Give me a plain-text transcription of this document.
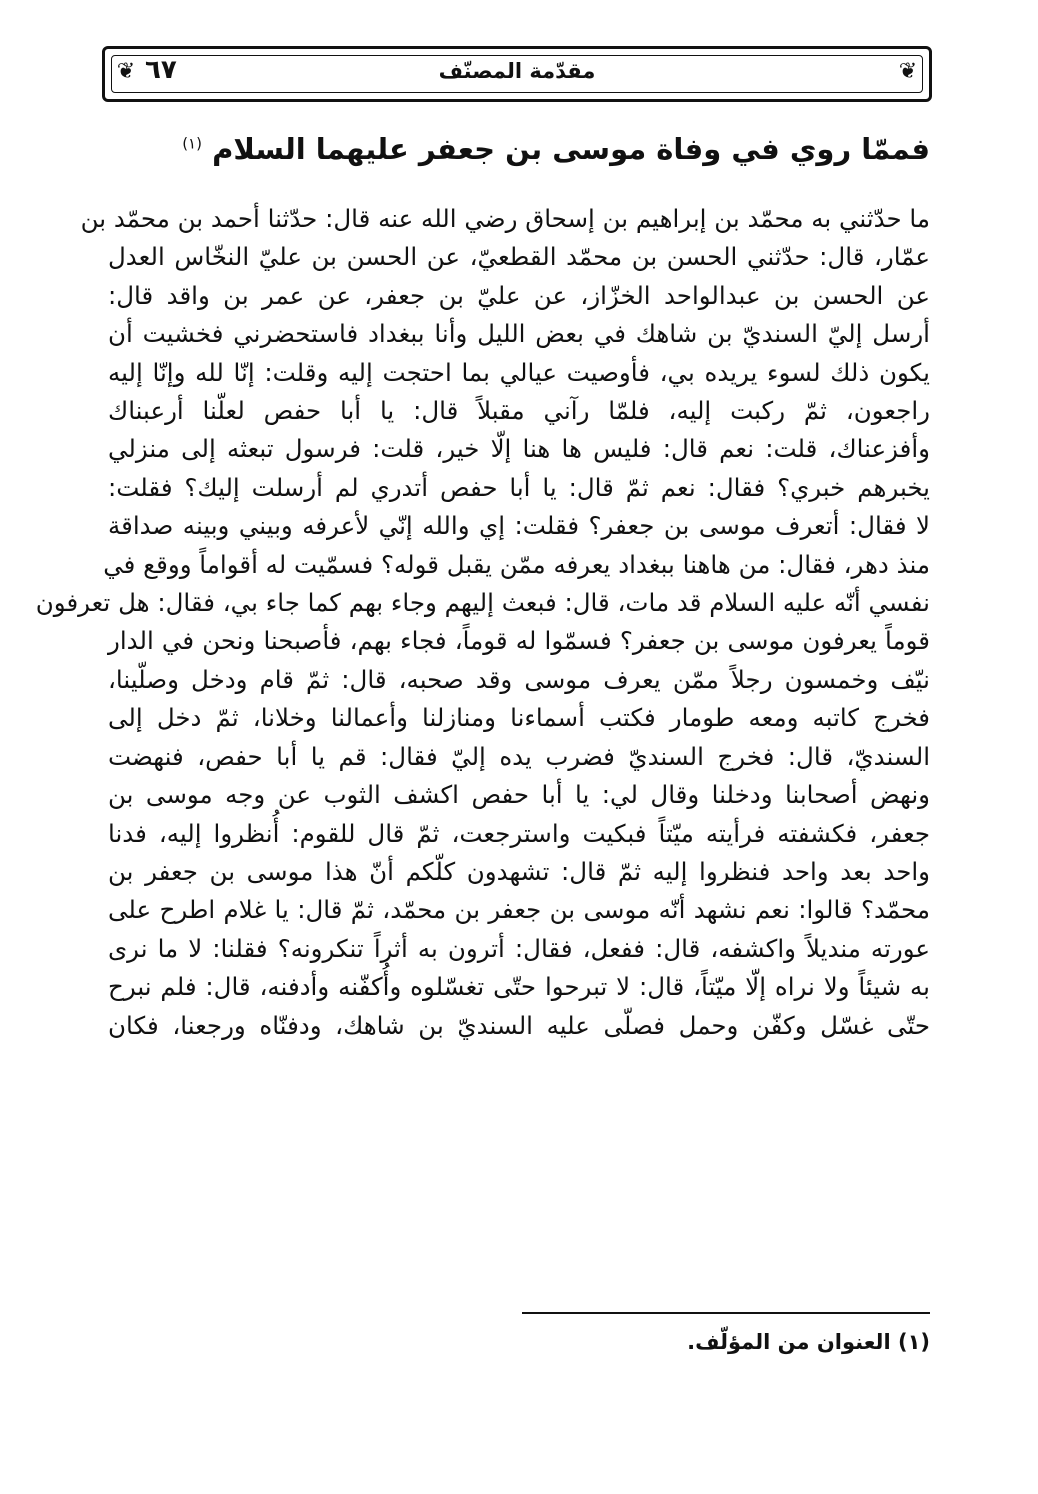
❦ ٦٧	مقدّمة المصنّف	❦
فممّا روي في وفاة موسى بن جعفر عليهما السلام $^{(١)}$
ما حدّثني به محمّد بن إبراهيم بن إسحاق رضي الله عنه قال: حدّثنا أحمد بن محمّد بن
عمّار، قال: حدّثني الحسن بن محمّد القطعيّ، عن الحسن بن عليّ النخّاس العدل
عن الحسن بن عبدالواحد الخزّاز، عن عليّ بن جعفر، عن عمر بن واقد قال:
أرسل إليّ السنديّ بن شاهك في بعض الليل وأنا ببغداد فاستحضرني فخشيت أن
يكون ذلك لسوء يريده بي، فأوصيت عيالي بما احتجت إليه وقلت: إنّا لله وإنّا إليه
راجعون، ثمّ ركبت إليه، فلمّا رآني مقبلاً قال: يا أبا حفص لعلّنا أرعبناك
وأفزعناك، قلت: نعم قال: فليس ها هنا إلّا خير، قلت: فرسول تبعثه إلى منزلي
يخبرهم خبري؟ فقال: نعم ثمّ قال: يا أبا حفص أتدري لم أرسلت إليك؟ فقلت:
لا فقال: أتعرف موسى بن جعفر؟ فقلت: إي والله إنّي لأعرفه وبيني وبينه صداقة
منذ دهر، فقال: من هاهنا ببغداد يعرفه ممّن يقبل قوله؟ فسمّيت له أقواماً ووقع في
نفسي أنّه عليه السلام قد مات، قال: فبعث إليهم وجاء بهم كما جاء بي، فقال: هل تعرفون
قوماً يعرفون موسى بن جعفر؟ فسمّوا له قوماً، فجاء بهم، فأصبحنا ونحن في الدار
نيّف وخمسون رجلاً ممّن يعرف موسى وقد صحبه، قال: ثمّ قام ودخل وصلّينا،
فخرج كاتبه ومعه طومار فكتب أسماءنا ومنازلنا وأعمالنا وخلانا، ثمّ دخل إلى
السنديّ، قال: فخرج السنديّ فضرب يده إليّ فقال: قم يا أبا حفص، فنهضت
ونهض أصحابنا ودخلنا وقال لي: يا أبا حفص اكشف الثوب عن وجه موسى بن
جعفر، فكشفته فرأيته ميّتاً فبكيت واسترجعت، ثمّ قال للقوم: أُنظروا إليه، فدنا
واحد بعد واحد فنظروا إليه ثمّ قال: تشهدون كلّكم أنّ هذا موسى بن جعفر بن
محمّد؟ قالوا: نعم نشهد أنّه موسى بن جعفر بن محمّد، ثمّ قال: يا غلام اطرح على
عورته منديلاً واكشفه، قال: ففعل، فقال: أترون به أثراً تنكرونه؟ فقلنا: لا ما نرى
به شيئاً ولا نراه إلّا ميّتاً، قال: لا تبرحوا حتّى تغسّلوه وأُكفّنه وأدفنه، قال: فلم نبرح
حتّى غسّل وكفّن وحمل فصلّى عليه السنديّ بن شاهك، ودفنّاه ورجعنا، فكان
(١) العنوان من المؤلّف.
